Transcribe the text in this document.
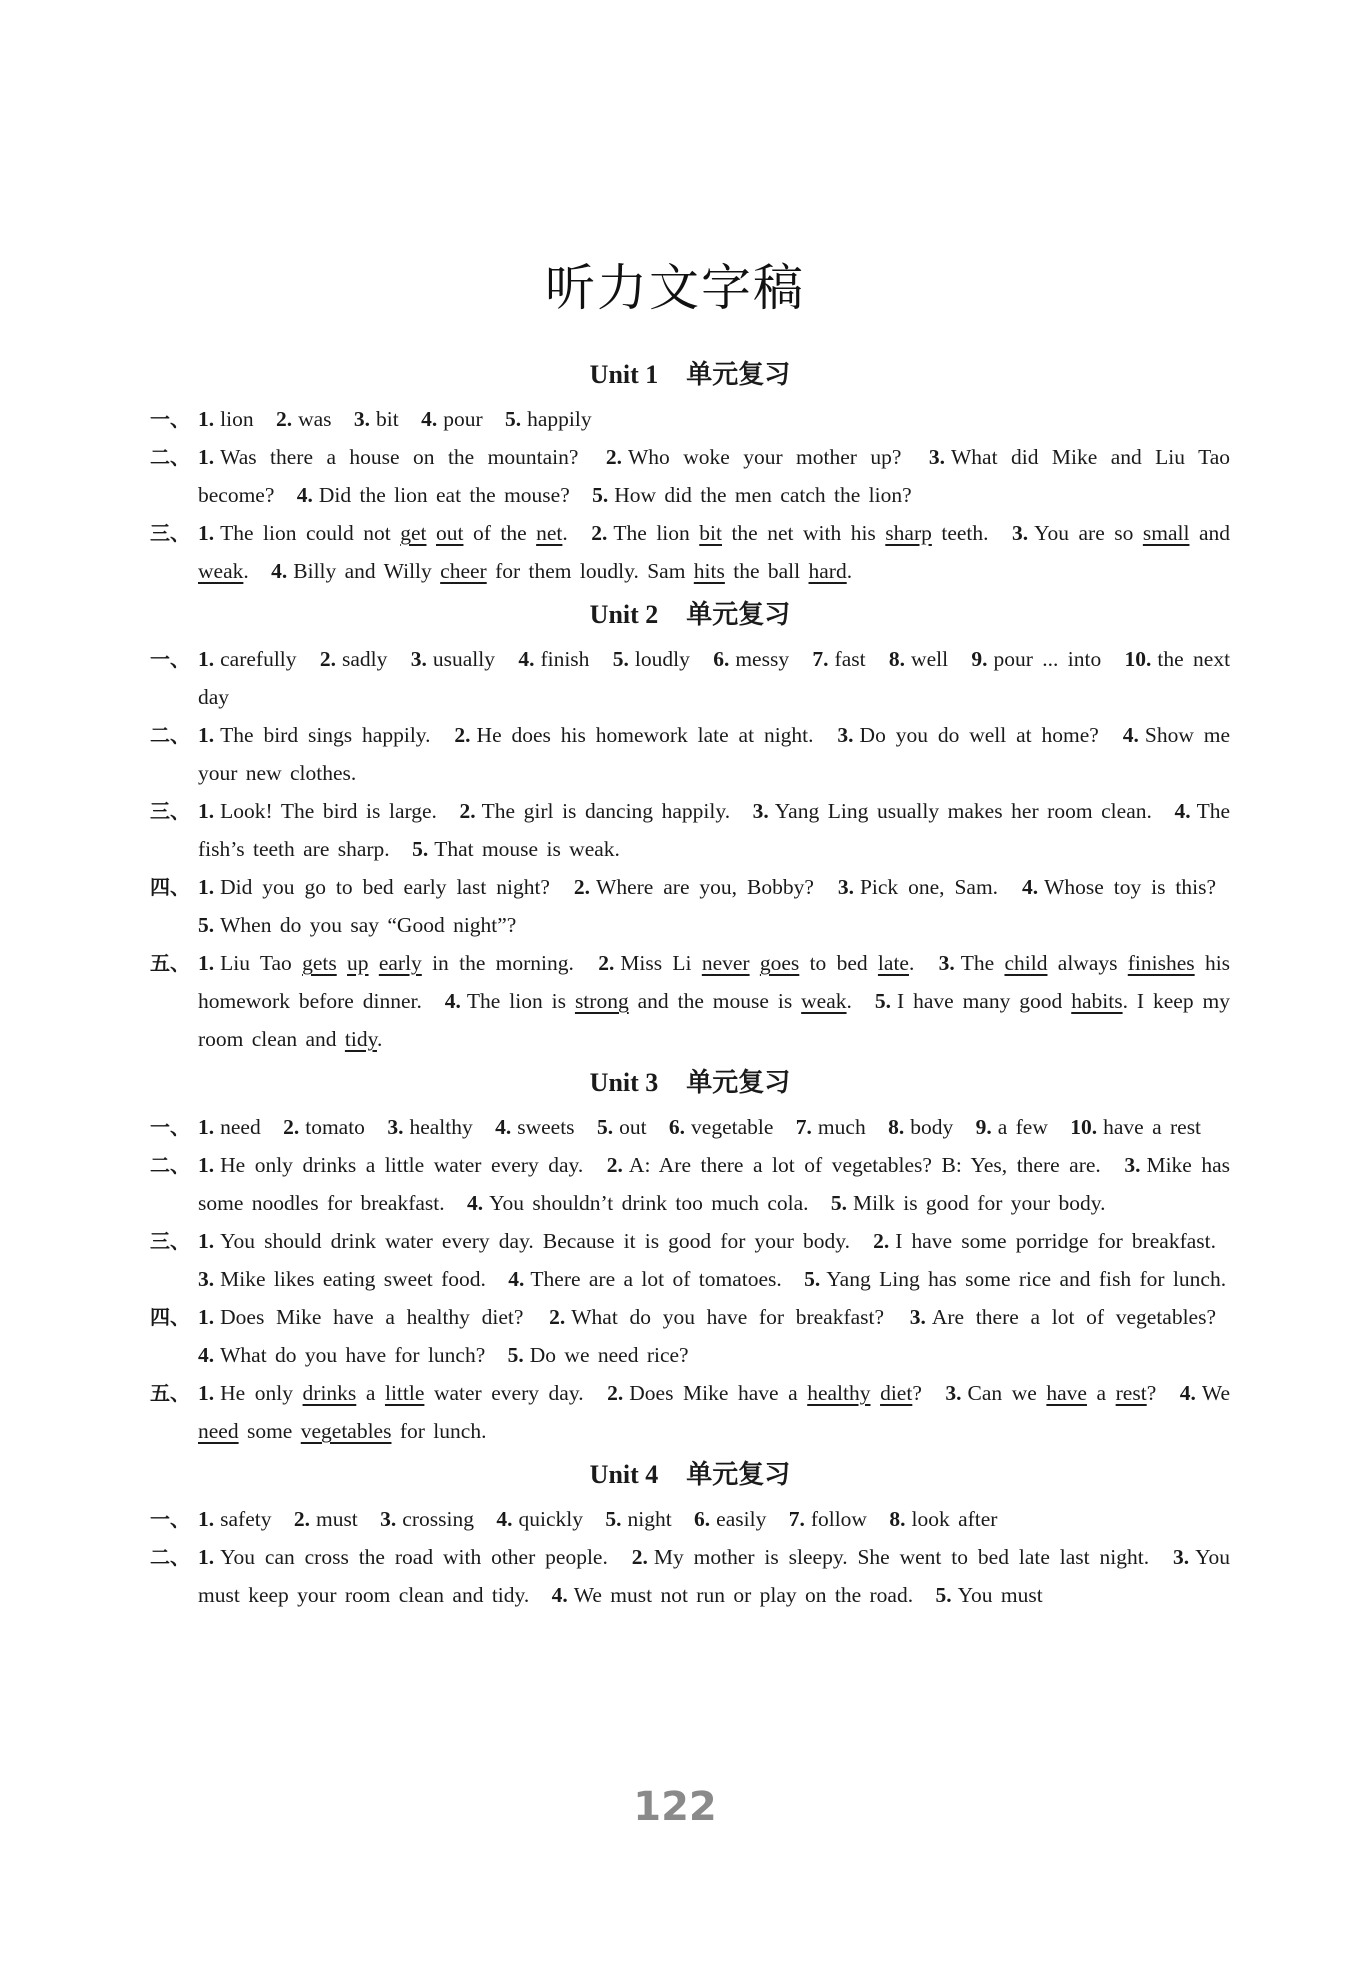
听力文字稿
Unit 1 单元复习
一、 1. lion 2. was 3. bit 4. pour 5. happily
二、 1. Was there a house on the mountain? 2. Who woke your mother up? 3. What did Mike and Liu Tao become? 4. Did the lion eat the mouse? 5. How did the men catch the lion?
三、 1. The lion could not get out of the net. 2. The lion bit the net with his sharp teeth. 3. You are so small and weak. 4. Billy and Willy cheer for them loudly. Sam hits the ball hard.
Unit 2 单元复习
一、 1. carefully 2. sadly 3. usually 4. finish 5. loudly 6. messy 7. fast 8. well 9. pour ... into 10. the next day
二、 1. The bird sings happily. 2. He does his homework late at night. 3. Do you do well at home? 4. Show me your new clothes.
三、 1. Look! The bird is large. 2. The girl is dancing happily. 3. Yang Ling usually makes her room clean. 4. The fish’s teeth are sharp. 5. That mouse is weak.
四、 1. Did you go to bed early last night? 2. Where are you, Bobby? 3. Pick one, Sam. 4. Whose toy is this? 5. When do you say “Good night”?
五、 1. Liu Tao gets up early in the morning. 2. Miss Li never goes to bed late. 3. The child always finishes his homework before dinner. 4. The lion is strong and the mouse is weak. 5. I have many good habits. I keep my room clean and tidy.
Unit 3 单元复习
一、 1. need 2. tomato 3. healthy 4. sweets 5. out 6. vegetable 7. much 8. body 9. a few 10. have a rest
二、 1. He only drinks a little water every day. 2. A: Are there a lot of vegetables? B: Yes, there are. 3. Mike has some noodles for breakfast. 4. You shouldn’t drink too much cola. 5. Milk is good for your body.
三、 1. You should drink water every day. Because it is good for your body. 2. I have some porridge for breakfast. 3. Mike likes eating sweet food. 4. There are a lot of tomatoes. 5. Yang Ling has some rice and fish for lunch.
四、 1. Does Mike have a healthy diet? 2. What do you have for breakfast? 3. Are there a lot of vegetables? 4. What do you have for lunch? 5. Do we need rice?
五、 1. He only drinks a little water every day. 2. Does Mike have a healthy diet? 3. Can we have a rest? 4. We need some vegetables for lunch.
Unit 4 单元复习
一、 1. safety 2. must 3. crossing 4. quickly 5. night 6. easily 7. follow 8. look after
二、 1. You can cross the road with other people. 2. My mother is sleepy. She went to bed late last night. 3. You must keep your room clean and tidy. 4. We must not run or play on the road. 5. You must
122
